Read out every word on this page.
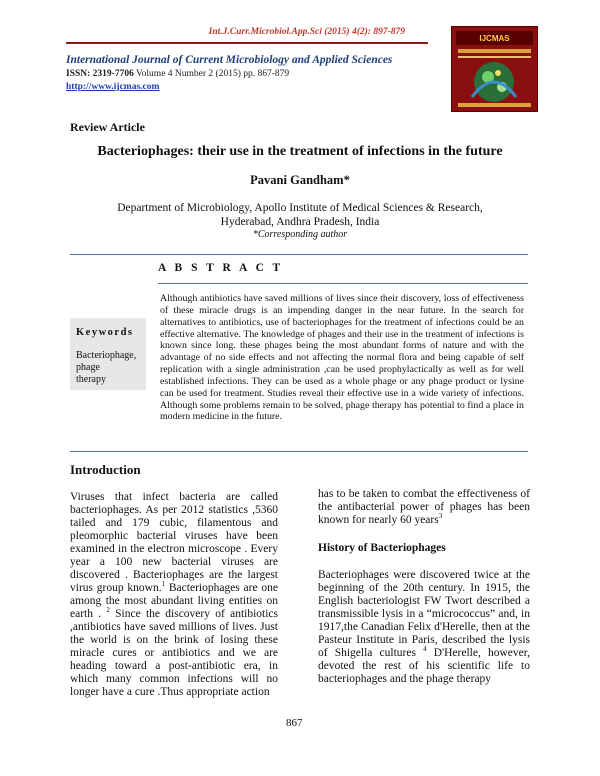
Int.J.Curr.Microbiol.App.Sci (2015) 4(2): 897-879
International Journal of Current Microbiology and Applied Sciences
ISSN: 2319-7706 Volume 4 Number 2 (2015) pp. 867-879
http://www.ijcmas.com
IJCMAS
Review Article
Bacteriophages: their use in the treatment of infections in the future
Pavani Gandham*
Department of Microbiology, Apollo Institute of Medical Sciences & Research,
Hyderabad, Andhra Pradesh, India
*Corresponding author
A B S T R A C T
Keywords
Bacteriophage,
phage
therapy
Although antibiotics have saved millions of lives since their discovery, loss of effectiveness of these miracle drugs is an impending danger in the near future. In the search for alternatives to antibiotics, use of bacteriophages for the treatment of infections could be an effective alternative. The knowledge of phages and their use in the treatment of infections is known since long. these phages being the most abundant forms of nature and with the advantage of no side effects and not affecting the normal flora and being capable of self replication with a single administration ,can be used prophylactically as well as for well established infections. They can be used as a whole phage or any phage product or lysine can be used for treatment. Studies reveal their effective use in a wide variety of infections. Although some problems remain to be solved, phage therapy has potential to find a place in modern medicine in the future.
Introduction
Viruses that infect bacteria are called bacteriophages. As per 2012 statistics ,5360 tailed and 179 cubic, filamentous and pleomorphic bacterial viruses have been examined in the electron microscope . Every year a 100 new bacterial viruses are discovered . Bacteriophages are the largest virus group known.$^1$ Bacteriophages are one among the most abundant living entities on earth . $^2$ Since the discovery of antibiotics ,antibiotics have saved millions of lives. Just the world is on the brink of losing these miracle cures or antibiotics and we are heading toward a post-antibiotic era, in which many common infections will no longer have a cure .Thus appropriate action
has to be taken to combat the effectiveness of the antibacterial power of phages has been known for nearly 60 years$^3$
History of Bacteriophages
Bacteriophages were discovered twice at the beginning of the 20th century. In 1915, the English bacteriologist FW Twort described a transmissible lysis in a “micrococcus” and, in 1917,the Canadian Felix d'Herelle, then at the Pasteur Institute in Paris, described the lysis of Shigella cultures $^4$ D'Herelle, however, devoted the rest of his scientific life to bacteriophages and the phage therapy
867
